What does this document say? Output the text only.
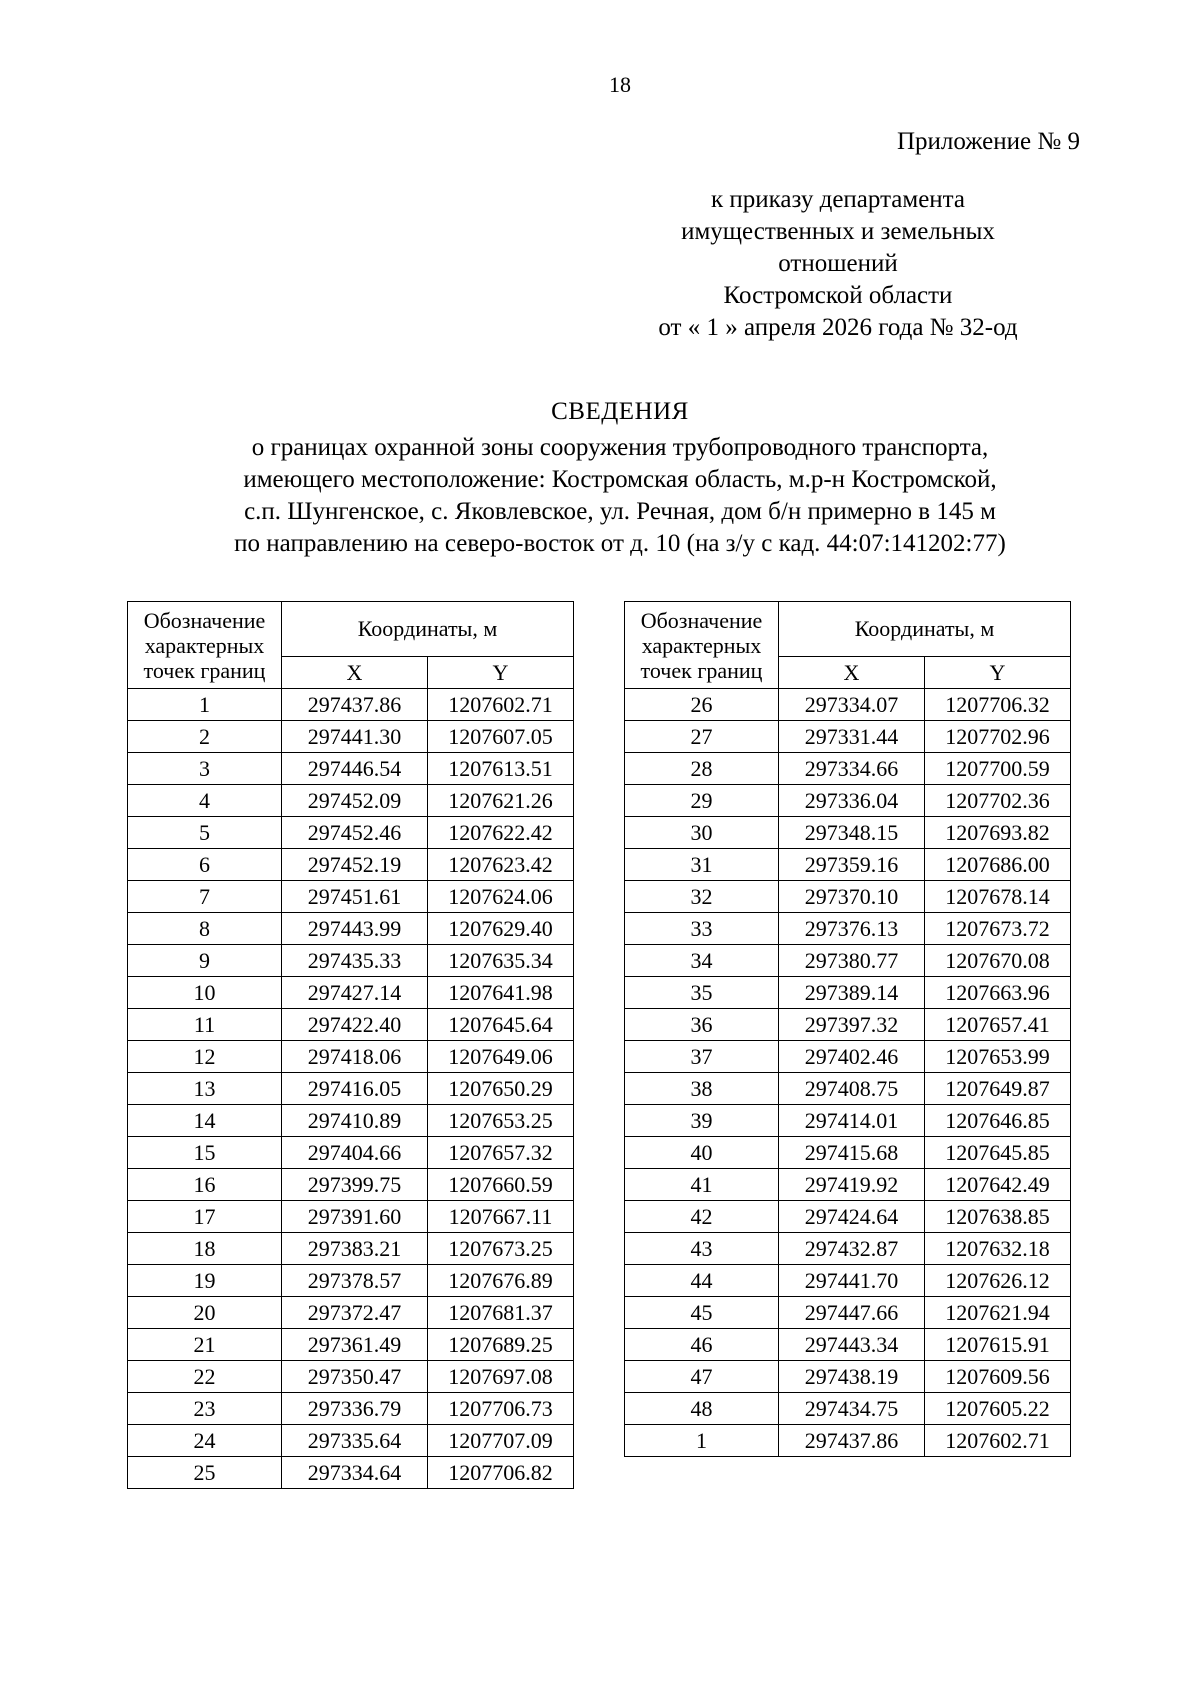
18
Приложение № 9
к приказу департамента
имущественных и земельных
отношений
Костромской области
от « 1 » апреля 2026 года № 32-од
СВЕДЕНИЯ
о границах охранной зоны сооружения трубопроводного транспорта,
имеющего местоположение: Костромская область, м.р-н Костромской,
с.п. Шунгенское, с. Яковлевское, ул. Речная, дом б/н примерно в 145 м
по направлению на северо-восток от д. 10 (на з/у с кад. 44:07:141202:77)
Обозначение
характерных
точек границ	Координаты, м	
	X	Y
1	297437.86	1207602.71
2	297441.30	1207607.05
3	297446.54	1207613.51
4	297452.09	1207621.26
5	297452.46	1207622.42
6	297452.19	1207623.42
7	297451.61	1207624.06
8	297443.99	1207629.40
9	297435.33	1207635.34
10	297427.14	1207641.98
11	297422.40	1207645.64
12	297418.06	1207649.06
13	297416.05	1207650.29
14	297410.89	1207653.25
15	297404.66	1207657.32
16	297399.75	1207660.59
17	297391.60	1207667.11
18	297383.21	1207673.25
19	297378.57	1207676.89
20	297372.47	1207681.37
21	297361.49	1207689.25
22	297350.47	1207697.08
23	297336.79	1207706.73
24	297335.64	1207707.09
25	297334.64	1207706.82
Обозначение
характерных
точек границ	Координаты, м	
	X	Y
26	297334.07	1207706.32
27	297331.44	1207702.96
28	297334.66	1207700.59
29	297336.04	1207702.36
30	297348.15	1207693.82
31	297359.16	1207686.00
32	297370.10	1207678.14
33	297376.13	1207673.72
34	297380.77	1207670.08
35	297389.14	1207663.96
36	297397.32	1207657.41
37	297402.46	1207653.99
38	297408.75	1207649.87
39	297414.01	1207646.85
40	297415.68	1207645.85
41	297419.92	1207642.49
42	297424.64	1207638.85
43	297432.87	1207632.18
44	297441.70	1207626.12
45	297447.66	1207621.94
46	297443.34	1207615.91
47	297438.19	1207609.56
48	297434.75	1207605.22
1	297437.86	1207602.71
